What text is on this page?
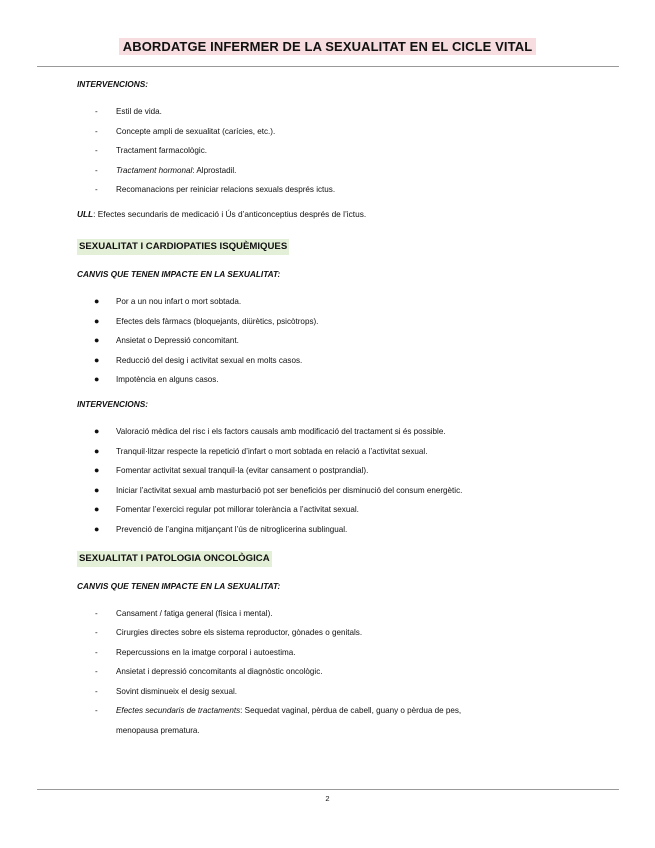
ABORDATGE INFERMER DE LA SEXUALITAT EN EL CICLE VITAL

INTERVENCIONS:

- Estil de vida.
- Concepte ampli de sexualitat (carícies, etc.).
- Tractament farmacològic.
- Tractament hormonal: Alprostadil.
- Recomanacions per reiniciar relacions sexuals després ictus.

ULL: Efectes secundaris de medicació i Ús d’anticonceptius després de l’ictus.

SEXUALITAT I CARDIOPATIES ISQUÈMIQUES

CANVIS QUE TENEN IMPACTE EN LA SEXUALITAT:

● Por a un nou infart o mort sobtada.
● Efectes dels fàrmacs (bloquejants, diürètics, psicòtrops).
● Ansietat o Depressió concomitant.
● Reducció del desig i activitat sexual en molts casos.
● Impotència en alguns casos.

INTERVENCIONS:

● Valoració mèdica del risc i els factors causals amb modificació del tractament si és possible.
● Tranquil·litzar respecte la repetició d’infart o mort sobtada en relació a l’activitat sexual.
● Fomentar activitat sexual tranquil·la (evitar cansament o postprandial).
● Iniciar l’activitat sexual amb masturbació pot ser beneficiós per disminució del consum energètic.
● Fomentar l’exercici regular pot millorar tolerància a l’activitat sexual.
● Prevenció de l’angina mitjançant l’ús de nitroglicerina sublingual.
SEXUALITAT I PATOLOGIA ONCOLÒGICA

CANVIS QUE TENEN IMPACTE EN LA SEXUALITAT:

- Cansament / fatiga general (física i mental).
- Cirurgies directes sobre els sistema reproductor, gònades o genitals.
- Repercussions en la imatge corporal i autoestima.
- Ansietat i depressió concomitants al diagnòstic oncològic.
- Sovint disminueix el desig sexual.
- Efectes secundaris de tractaments: Sequedat vaginal, pèrdua de cabell, guany o pèrdua de pes,
menopausa prematura.
2
